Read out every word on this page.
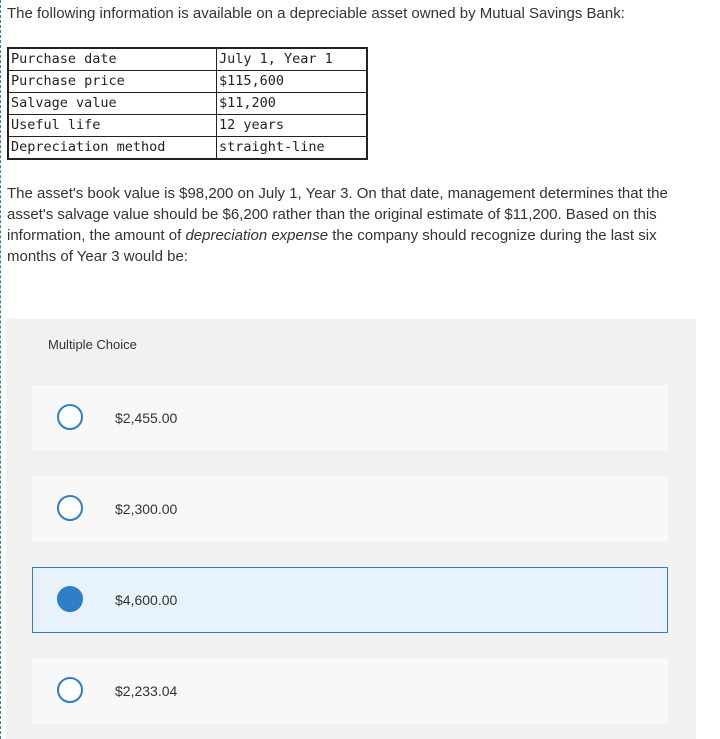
The following information is available on a depreciable asset owned by Mutual Savings Bank:
Purchase date	July 1, Year 1
Purchase price	$115,600
Salvage value	$11,200
Useful life	12 years
Depreciation method	straight-line
The asset's book value is $98,200 on July 1, Year 3. On that date, management determines that the asset's salvage value should be $6,200 rather than the original estimate of $11,200. Based on this information, the amount of depreciation expense the company should recognize during the last six months of Year 3 would be:
Multiple Choice
$2,455.00
$2,300.00
$4,600.00
$2,233.04
